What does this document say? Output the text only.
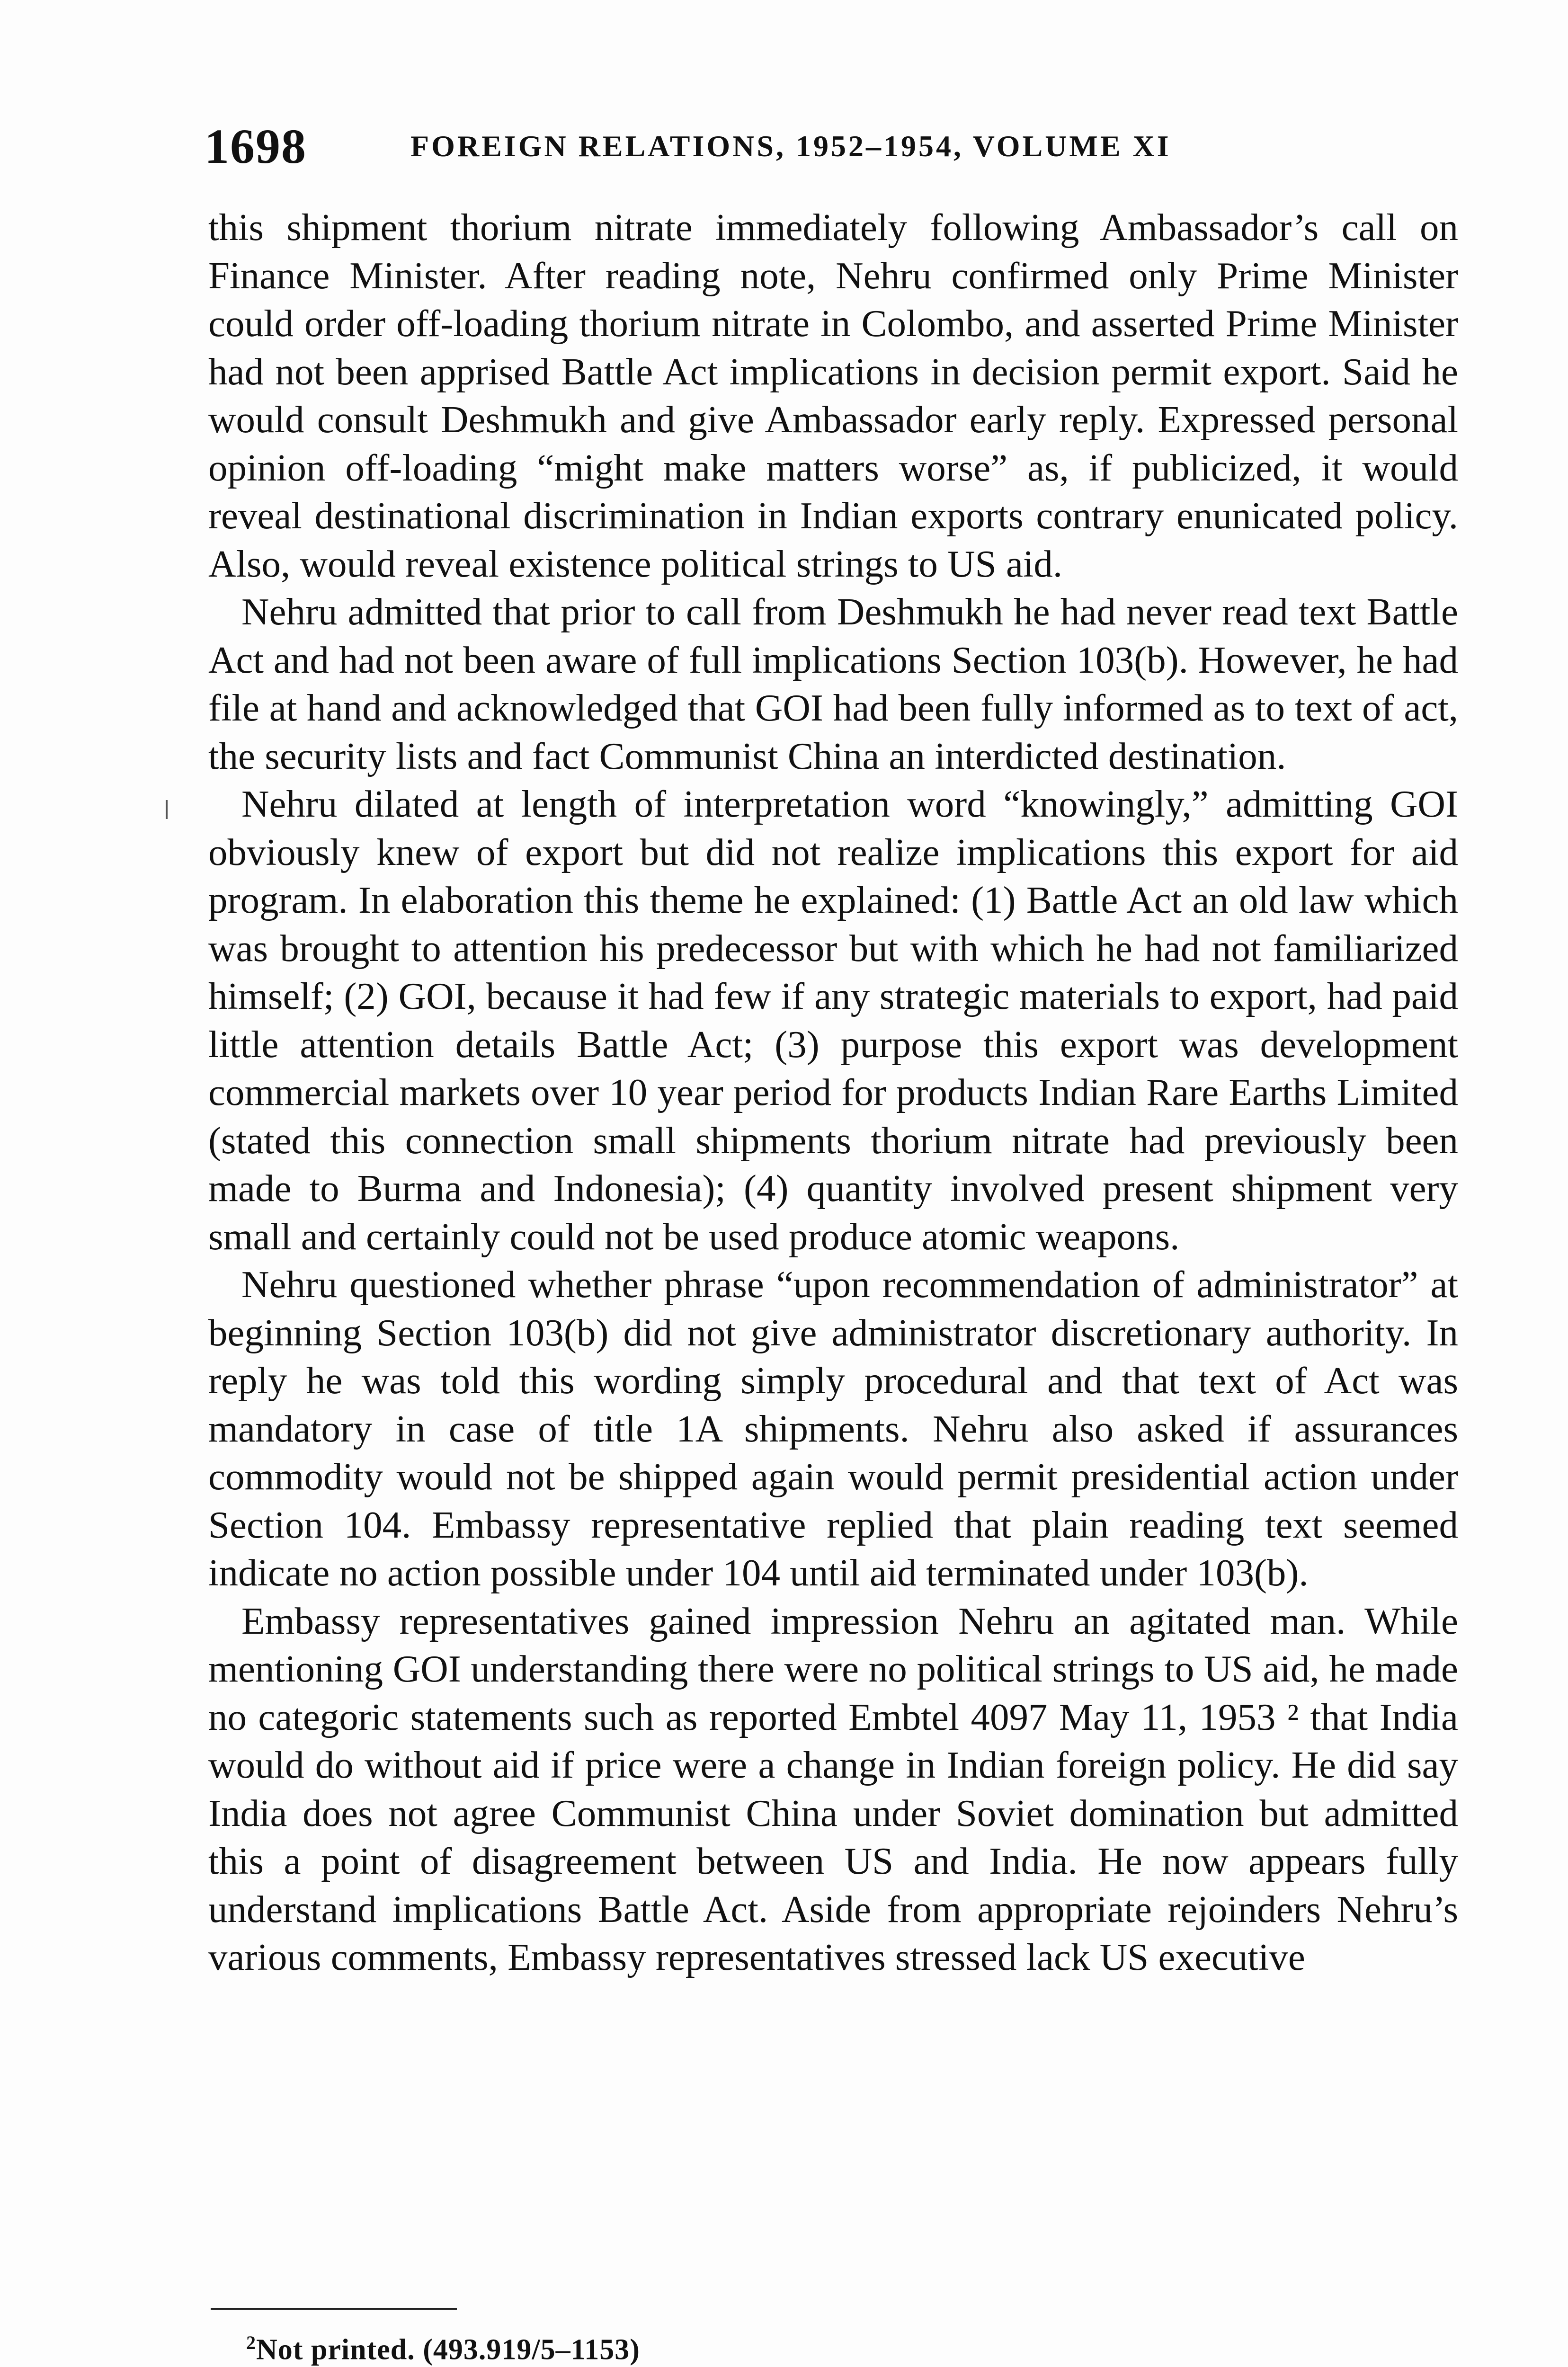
1698	FOREIGN RELATIONS, 1952–1954, VOLUME XI

this shipment thorium nitrate immediately following Ambassador’s call on Finance Minister. After reading note, Nehru confirmed only Prime Minister could order off-loading thorium nitrate in Colombo, and asserted Prime Minister had not been apprised Battle Act implications in decision permit export. Said he would consult Deshmukh and give Ambassador early reply. Expressed personal opinion off-loading “might make matters worse” as, if publicized, it would reveal destinational discrimination in Indian exports contrary enunicated policy. Also, would reveal existence political strings to US aid.

Nehru admitted that prior to call from Deshmukh he had never read text Battle Act and had not been aware of full implications Section 103(b). However, he had file at hand and acknowledged that GOI had been fully informed as to text of act, the security lists and fact Communist China an interdicted destination.

Nehru dilated at length of interpretation word “knowingly,” admitting GOI obviously knew of export but did not realize implications this export for aid program. In elaboration this theme he explained: (1) Battle Act an old law which was brought to attention his predecessor but with which he had not familiarized himself; (2) GOI, because it had few if any strategic materials to export, had paid little attention details Battle Act; (3) purpose this export was development commercial markets over 10 year period for products Indian Rare Earths Limited (stated this connection small shipments thorium nitrate had previously been made to Burma and Indonesia); (4) quantity involved present shipment very small and certainly could not be used produce atomic weapons.

Nehru questioned whether phrase “upon recommendation of administrator” at beginning Section 103(b) did not give administrator discretionary authority. In reply he was told this wording simply procedural and that text of Act was mandatory in case of title 1A shipments. Nehru also asked if assurances commodity would not be shipped again would permit presidential action under Section 104. Embassy representative replied that plain reading text seemed indicate no action possible under 104 until aid terminated under 103(b).

Embassy representatives gained impression Nehru an agitated man. While mentioning GOI understanding there were no political strings to US aid, he made no categoric statements such as reported Embtel 4097 May 11, 1953 ² that India would do without aid if price were a change in Indian foreign policy. He did say India does not agree Communist China under Soviet domination but admitted this a point of disagreement between US and India. He now appears fully understand implications Battle Act. Aside from appropriate rejoinders Nehru’s various comments, Embassy representatives stressed lack US executive

$^2$Not printed. (493.919/5–1153)
